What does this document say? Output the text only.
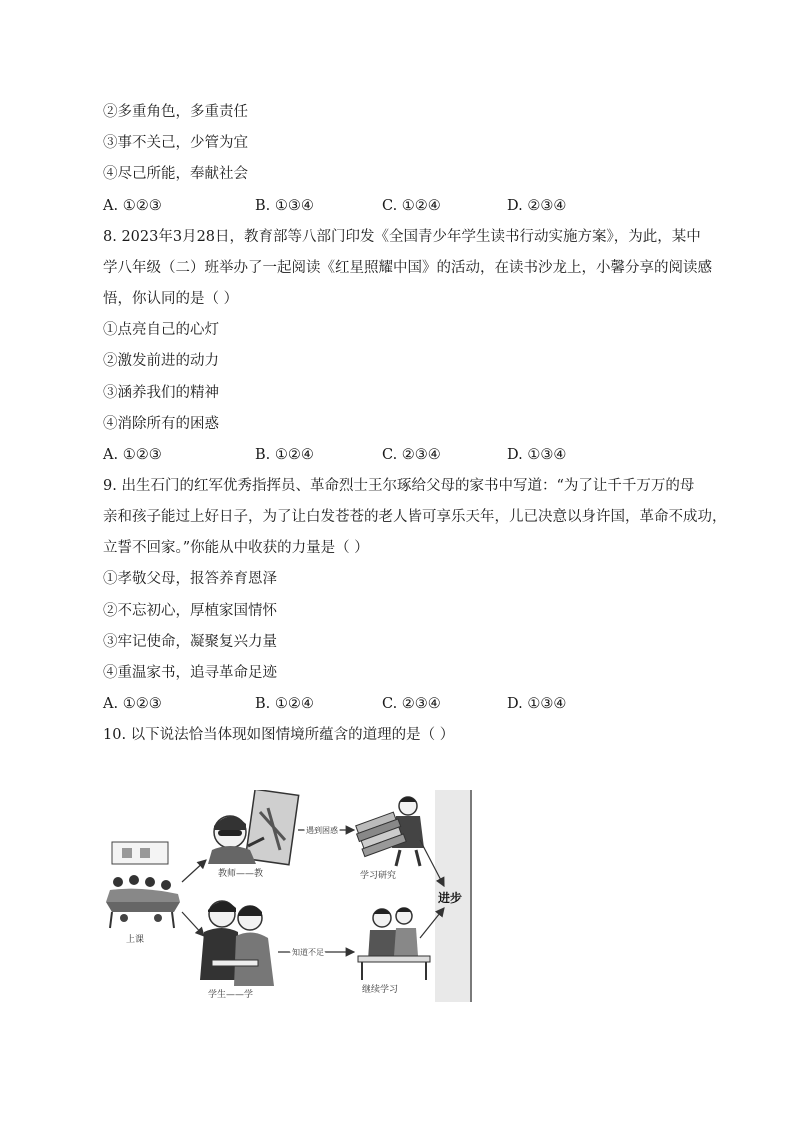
②多重角色，多重责任
③事不关己，少管为宜
④尽己所能，奉献社会
A. ①②③	B. ①③④	C. ①②④	D. ②③④
8. 2023年3月28日，教育部等八部门印发《全国青少年学生读书行动实施方案》，为此，某中
学八年级（二）班举办了一起阅读《红星照耀中国》的活动，在读书沙龙上，小馨分享的阅读感
悟，你认同的是（ ）
①点亮自己的心灯
②激发前进的动力
③涵养我们的精神
④消除所有的困惑
A. ①②③	B. ①②④	C. ②③④	D. ①③④
9. 出生石门的红军优秀指挥员、革命烈士王尔琢给父母的家书中写道：“为了让千千万万的母
亲和孩子能过上好日子，为了让白发苍苍的老人皆可享乐天年，儿已决意以身许国，革命不成功，
立誓不回家。”你能从中收获的力量是（ ）
①孝敬父母，报答养育恩泽
②不忘初心，厚植家国情怀
③牢记使命，凝聚复兴力量
④重温家书，追寻革命足迹
A. ①②③	B. ①②④	C. ②③④	D. ①③④
10. 以下说法恰当体现如图情境所蕴含的道理的是（ ）
上课
教师——教
学生——学
学习研究
继续学习
遇到困惑
知道不足
进步
